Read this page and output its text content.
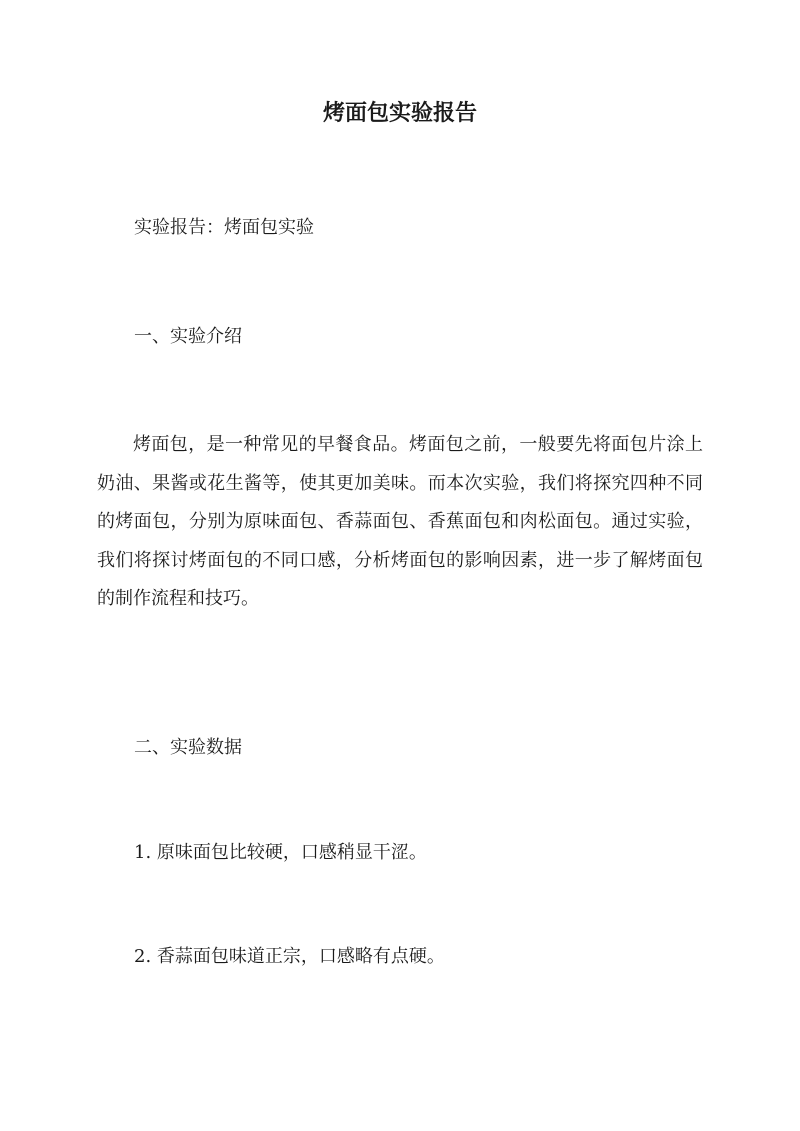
烤面包实验报告
实验报告：烤面包实验
一、实验介绍
烤面包，是一种常见的早餐食品。烤面包之前，一般要先将面包片涂上奶油、果酱或花生酱等，使其更加美味。而本次实验，我们将探究四种不同的烤面包，分别为原味面包、香蒜面包、香蕉面包和肉松面包。通过实验，我们将探讨烤面包的不同口感，分析烤面包的影响因素，进一步了解烤面包的制作流程和技巧。
二、实验数据
1. 原味面包比较硬，口感稍显干涩。
2. 香蒜面包味道正宗，口感略有点硬。
